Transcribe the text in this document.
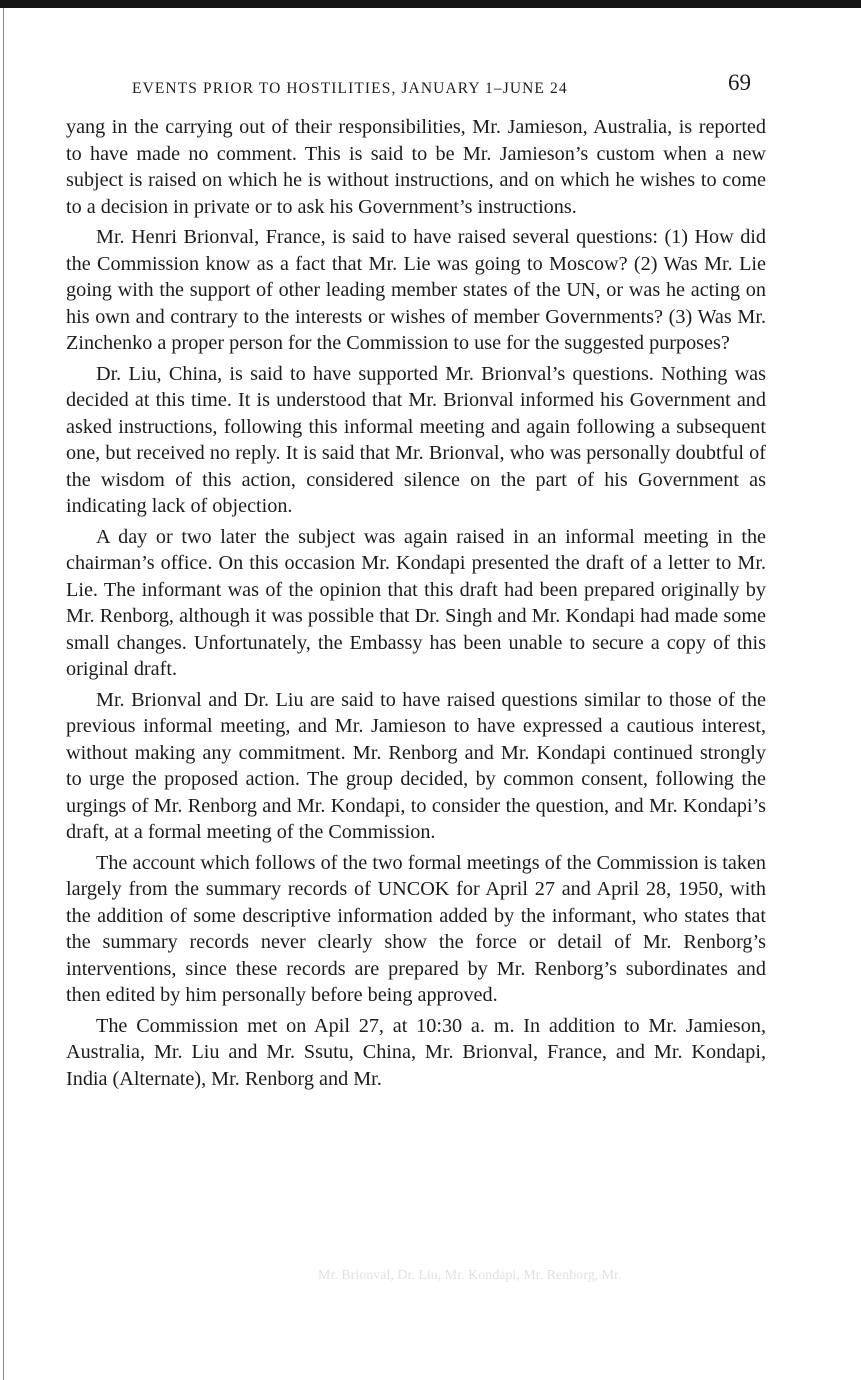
EVENTS PRIOR TO HOSTILITIES, JANUARY 1–JUNE 24	69

yang in the carrying out of their responsibilities, Mr. Jamieson, Australia, is reported to have made no comment. This is said to be Mr. Jamieson’s custom when a new subject is raised on which he is without instructions, and on which he wishes to come to a decision in private or to ask his Government’s instructions.

Mr. Henri Brionval, France, is said to have raised several questions: (1) How did the Commission know as a fact that Mr. Lie was going to Moscow? (2) Was Mr. Lie going with the support of other leading member states of the UN, or was he acting on his own and contrary to the interests or wishes of member Governments? (3) Was Mr. Zinchenko a proper person for the Commission to use for the suggested purposes?

Dr. Liu, China, is said to have supported Mr. Brionval’s questions. Nothing was decided at this time. It is understood that Mr. Brionval informed his Government and asked instructions, following this informal meeting and again following a subsequent one, but received no reply. It is said that Mr. Brionval, who was personally doubtful of the wisdom of this action, considered silence on the part of his Government as indicating lack of objection.

A day or two later the subject was again raised in an informal meeting in the chairman’s office. On this occasion Mr. Kondapi presented the draft of a letter to Mr. Lie. The informant was of the opinion that this draft had been prepared originally by Mr. Renborg, although it was possible that Dr. Singh and Mr. Kondapi had made some small changes. Unfortunately, the Embassy has been unable to secure a copy of this original draft.

Mr. Brionval and Dr. Liu are said to have raised questions similar to those of the previous informal meeting, and Mr. Jamieson to have expressed a cautious interest, without making any commitment. Mr. Renborg and Mr. Kondapi continued strongly to urge the proposed action. The group decided, by common consent, following the urgings of Mr. Renborg and Mr. Kondapi, to consider the question, and Mr. Kondapi’s draft, at a formal meeting of the Commission.

The account which follows of the two formal meetings of the Commission is taken largely from the summary records of UNCOK for April 27 and April 28, 1950, with the addition of some descriptive information added by the informant, who states that the summary records never clearly show the force or detail of Mr. Renborg’s interventions, since these records are prepared by Mr. Renborg’s subordinates and then edited by him personally before being approved.

The Commission met on Apil 27, at 10:30 a. m. In addition to Mr. Jamieson, Australia, Mr. Liu and Mr. Ssutu, China, Mr. Brionval, France, and Mr. Kondapi, India (Alternate), Mr. Renborg and Mr.

Mr. Brionval, Dr. Liu, Mr. Kondapi, Mr. Renborg, Mr.
